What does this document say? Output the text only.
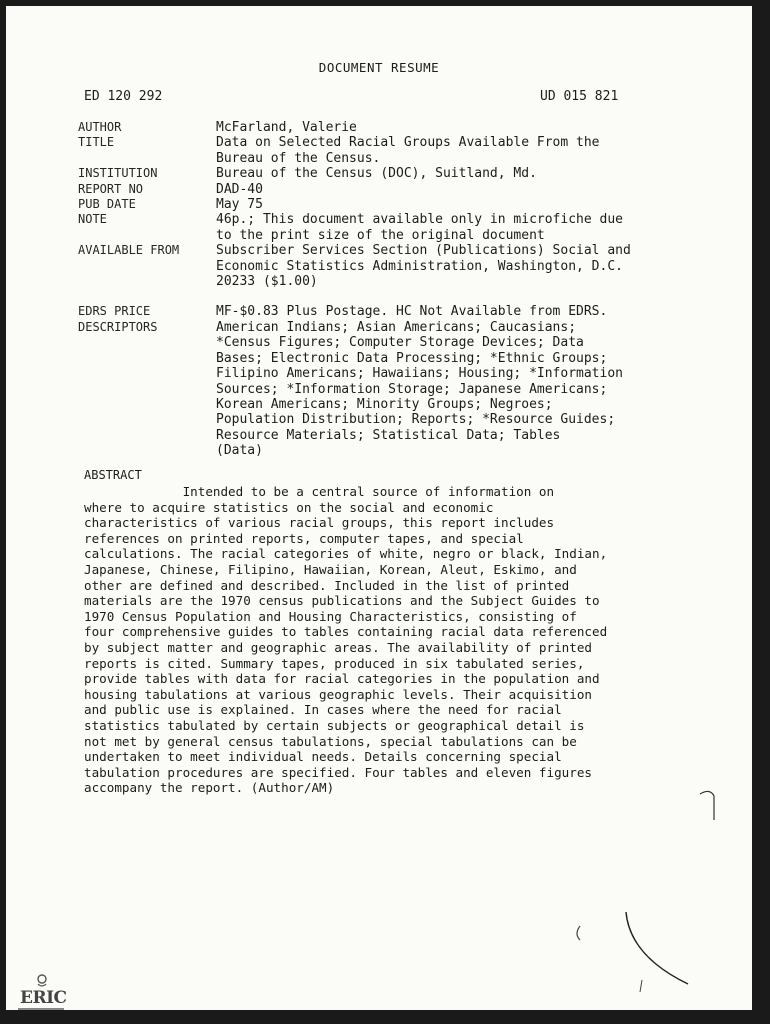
DOCUMENT RESUME
ED 120 292	UD 015 821
AUTHOR	McFarland, Valerie
TITLE	Data on Selected Racial Groups Available From the
Bureau of the Census.
INSTITUTION	Bureau of the Census (DOC), Suitland, Md.
REPORT NO	DAD-40
PUB DATE	May 75
NOTE	46p.; This document available only in microfiche due
to the print size of the original document
AVAILABLE FROM	Subscriber Services Section (Publications) Social and
Economic Statistics Administration, Washington, D.C.
20233 ($1.00)
EDRS PRICE	MF-$0.83 Plus Postage. HC Not Available from EDRS.
DESCRIPTORS	American Indians; Asian Americans; Caucasians;
*Census Figures; Computer Storage Devices; Data
Bases; Electronic Data Processing; *Ethnic Groups;
Filipino Americans; Hawaiians; Housing; *Information
Sources; *Information Storage; Japanese Americans;
Korean Americans; Minority Groups; Negroes;
Population Distribution; Reports; *Resource Guides;
Resource Materials; Statistical Data; Tables
(Data)
ABSTRACT
Intended to be a central source of information on
where to acquire statistics on the social and economic
characteristics of various racial groups, this report includes
references on printed reports, computer tapes, and special
calculations. The racial categories of white, negro or black, Indian,
Japanese, Chinese, Filipino, Hawaiian, Korean, Aleut, Eskimo, and
other are defined and described. Included in the list of printed
materials are the 1970 census publications and the Subject Guides to
1970 Census Population and Housing Characteristics, consisting of
four comprehensive guides to tables containing racial data referenced
by subject matter and geographic areas. The availability of printed
reports is cited. Summary tapes, produced in six tabulated series,
provide tables with data for racial categories in the population and
housing tabulations at various geographic levels. Their acquisition
and public use is explained. In cases where the need for racial
statistics tabulated by certain subjects or geographical detail is
not met by general census tabulations, special tabulations can be
undertaken to meet individual needs. Details concerning special
tabulation procedures are specified. Four tables and eleven figures
accompany the report. (Author/AM)
ERIC
